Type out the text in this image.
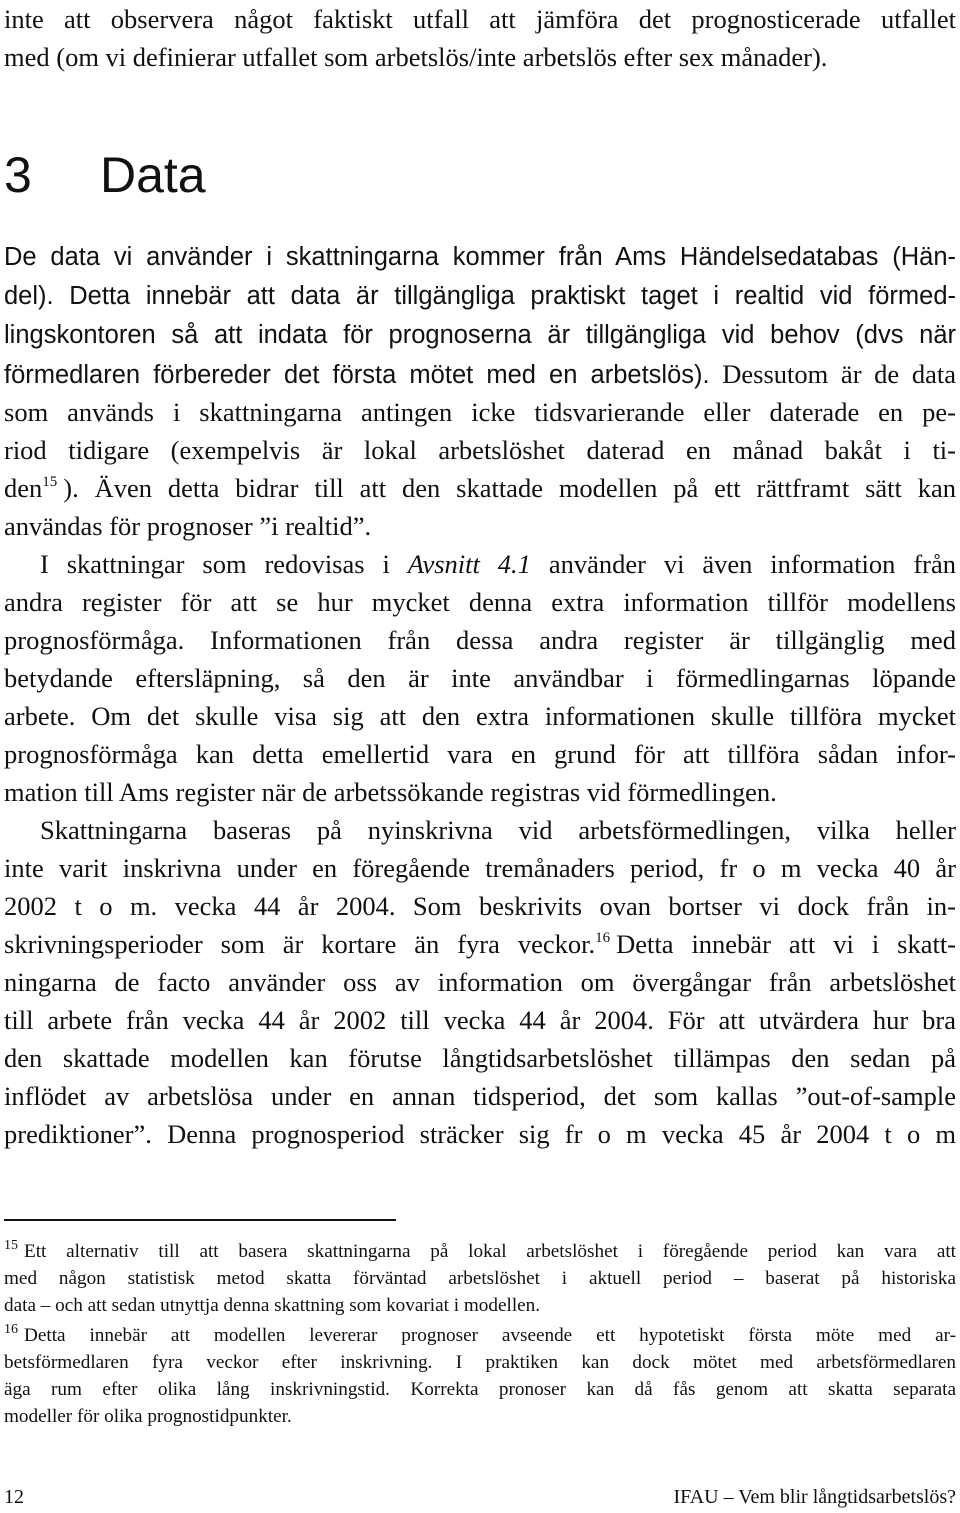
inte att observera något faktiskt utfall att jämföra det prognosticerade utfallet
med (om vi definierar utfallet som arbetslös/inte arbetslös efter sex månader).
3 Data
De data vi använder i skattningarna kommer från Ams Händelsedatabas (Hän-
del). Detta innebär att data är tillgängliga praktiskt taget i realtid vid förmed-
lingskontoren så att indata för prognoserna är tillgängliga vid behov (dvs när
förmedlaren förbereder det första mötet med en arbetslös). Dessutom är de data
som används i skattningarna antingen icke tidsvarierande eller daterade en pe-
riod tidigare (exempelvis är lokal arbetslöshet daterad en månad bakåt i ti-
den$^{15}$ ). Även detta bidrar till att den skattade modellen på ett rättframt sätt kan
användas för prognoser ”i realtid”.
I skattningar som redovisas i Avsnitt 4.1 använder vi även information från
andra register för att se hur mycket denna extra information tillför modellens
prognosförmåga. Informationen från dessa andra register är tillgänglig med
betydande eftersläpning, så den är inte användbar i förmedlingarnas löpande
arbete. Om det skulle visa sig att den extra informationen skulle tillföra mycket
prognosförmåga kan detta emellertid vara en grund för att tillföra sådan infor-
mation till Ams register när de arbetssökande registras vid förmedlingen.
Skattningarna baseras på nyinskrivna vid arbetsförmedlingen, vilka heller
inte varit inskrivna under en föregående tremånaders period, fr o m vecka 40 år
2002 t o m. vecka 44 år 2004. Som beskrivits ovan bortser vi dock från in-
skrivningsperioder som är kortare än fyra veckor.$^{16}$ Detta innebär att vi i skatt-
ningarna de facto använder oss av information om övergångar från arbetslöshet
till arbete från vecka 44 år 2002 till vecka 44 år 2004. För att utvärdera hur bra
den skattade modellen kan förutse långtidsarbetslöshet tillämpas den sedan på
inflödet av arbetslösa under en annan tidsperiod, det som kallas ”out-of-sample
prediktioner”. Denna prognosperiod sträcker sig fr o m vecka 45 år 2004 t o m
$^{15}$ Ett alternativ till att basera skattningarna på lokal arbetslöshet i föregående period kan vara att
med någon statistisk metod skatta förväntad arbetslöshet i aktuell period – baserat på historiska
data – och att sedan utnyttja denna skattning som kovariat i modellen.
$^{16}$ Detta innebär att modellen levererar prognoser avseende ett hypotetiskt första möte med ar-
betsförmedlaren fyra veckor efter inskrivning. I praktiken kan dock mötet med arbetsförmedlaren
äga rum efter olika lång inskrivningstid. Korrekta pronoser kan då fås genom att skatta separata
modeller för olika prognostidpunkter.
12	IFAU – Vem blir långtidsarbetslös?
